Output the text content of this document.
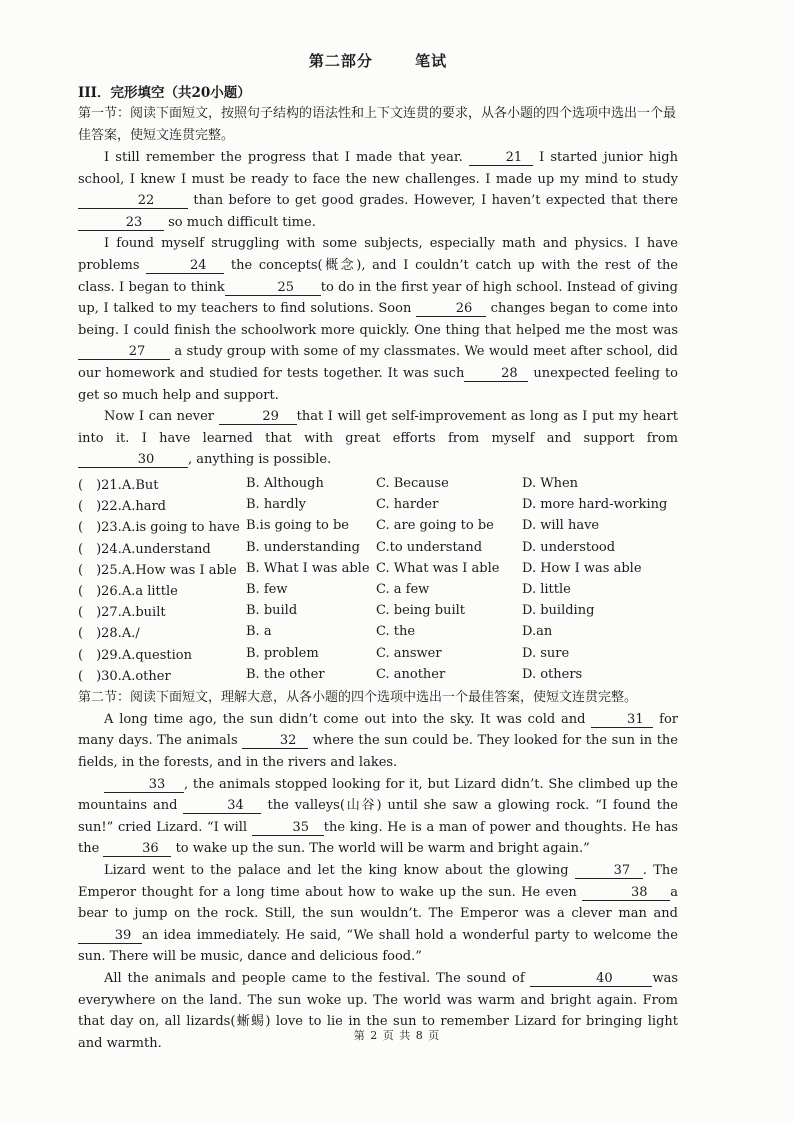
第二部分	笔试
III．完形填空（共20小题）

第一节：阅读下面短文，按照句子结构的语法性和上下文连贯的要求，从各小题的四个选项中选出一个最佳答案，使短文连贯完整。

I still remember the progress that I made that year.	21 I started junior high school, I knew I must be ready to face the new challenges. I made up my mind to study 22	than before to get good grades. However, I haven’t expected that there 23 so much difficult time.

I found myself struggling with some subjects, especially math and physics. I have problems	24 the concepts(概念), and I couldn’t catch up with the rest of the class. I began to think	25 to do in the first year of high school. Instead of giving up, I talked to my teachers to find solutions. Soon	26 changes began to come into being. I could finish the schoolwork more quickly. One thing that helped me the most was 27 a study group with some of my classmates. We would meet after school, did our homework and studied for tests together. It was such	28 unexpected feeling to get so much help and support.

Now I can never	29 that I will get self-improvement as long as I put my heart into it. I have learned that with great efforts from myself and support from 30	, anything is possible.

(　)21.A.But	B. Although	C. Because	D. When
(　)22.A.hard	B. hardly	C. harder	D. more hard-working
(　)23.A.is going to have	B.is going to be	C. are going to be	D. will have
(　)24.A.understand	B. understanding	C.to understand	D. understood
(　)25.A.How was I able	B. What I was able	C. What was I able	D. How I was able
(　)26.A.a little	B. few	C. a few	D. little
(　)27.A.built	B. build	C. being built	D. building
(　)28.A./	B. a	C. the	D.an
(　)29.A.question	B. problem	C. answer	D. sure
(　)30.A.other	B. the other	C. another	D. others

第二节：阅读下面短文，理解大意，从各小题的四个选项中选出一个最佳答案，使短文连贯完整。

A long time ago, the sun didn’t come out into the sky. It was cold and	31 for many days. The animals	32 where the sun could be. They looked for the sun in the fields, in the forests, and in the rivers and lakes.

33 , the animals stopped looking for it, but Lizard didn’t. She climbed up the mountains and	34 the valleys(山谷) until she saw a glowing rock. “I found the sun!” cried Lizard. “I will	35 the king. He is a man of power and thoughts. He has the	36 to wake up the sun. The world will be warm and bright again.”

Lizard went to the palace and let the king know about the glowing	37 . The Emperor thought for a long time about how to wake up the sun. He even	38 a bear to jump on the rock. Still, the sun wouldn’t. The Emperor was a clever man and 39 an idea immediately. He said, “We shall hold a wonderful party to welcome the sun. There will be music, dance and delicious food.”

All the animals and people came to the festival. The sound of	40	was everywhere on the land. The sun woke up. The world was warm and bright again. From that day on, all lizards(蜥蜴) love to lie in the sun to remember Lizard for bringing light and warmth.

第 2 页 共 8 页
